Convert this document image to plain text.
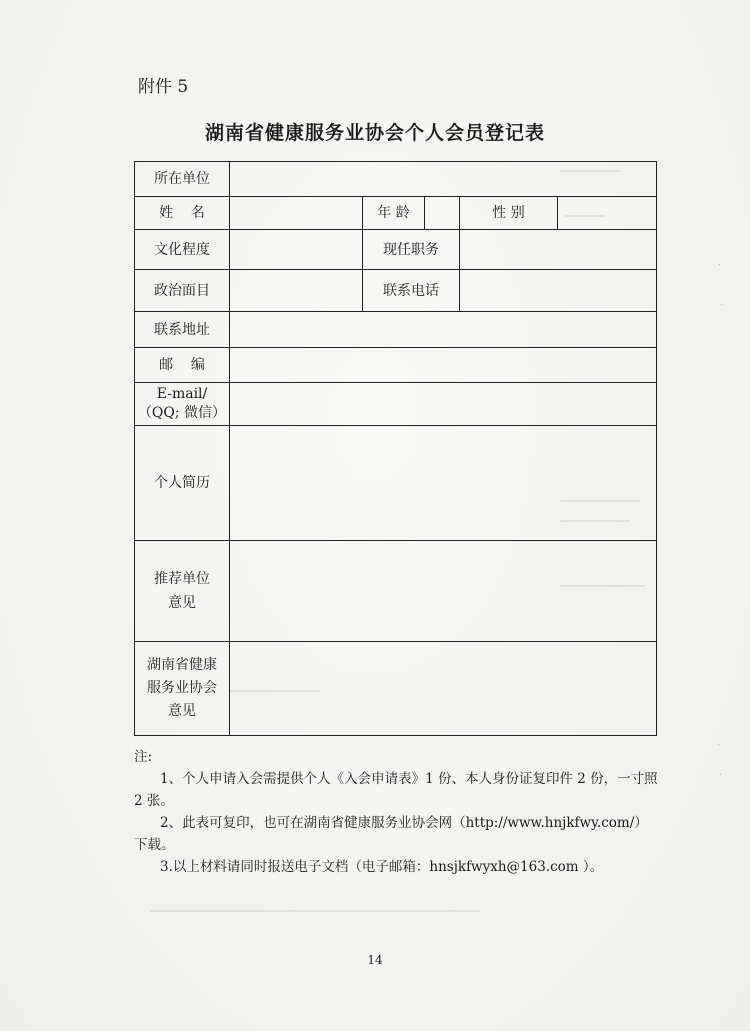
·
·
·
·
附件 5
湖南省健康服务业协会个人会员登记表
所在单位					
姓    名		年 龄		性 别	
文化程度		现任职务			
政治面目		联系电话			
联系地址					
邮    编					

E-mail/
（QQ; 微信）					

个人简历					

推荐单位
意见					

湖南省健康
服务业协会
意见					

注:

1、个人申请入会需提供个人《入会申请表》1 份、本人身份证复印件 2 份，一寸照 2 张。

2、此表可复印，也可在湖南省健康服务业协会网（http://www.hnjkfwy.com/）下载。

3.以上材料请同时报送电子文档（电子邮箱：hnsjkfwyxh@163.com ）。

14
